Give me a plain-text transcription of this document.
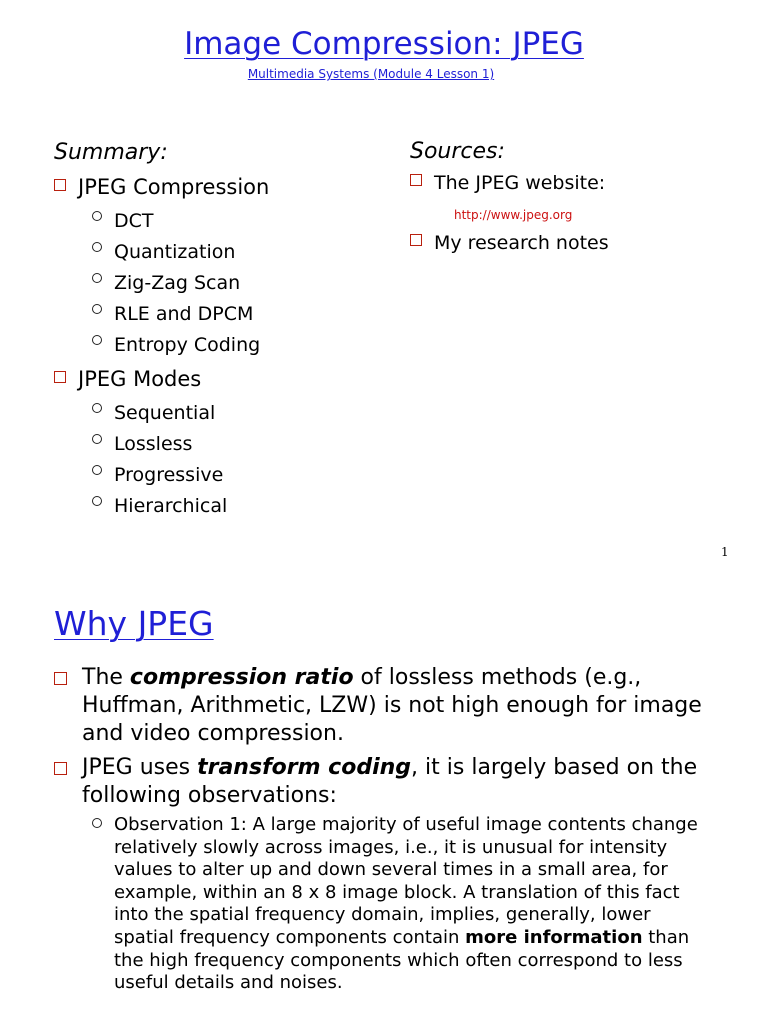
Image Compression: JPEG
Multimedia Systems (Module 4 Lesson 1)
Summary:
JPEG Compression
DCT
Quantization
Zig-Zag Scan
RLE and DPCM
Entropy Coding
JPEG Modes
Sequential
Lossless
Progressive
Hierarchical
Sources:
The JPEG website:
http://www.jpeg.org
My research notes
1
Why JPEG
The compression ratio of lossless methods (e.g., Huffman, Arithmetic, LZW) is not high enough for image and video compression.
JPEG uses transform coding, it is largely based on the following observations:
Observation 1: A large majority of useful image contents change relatively slowly across images, i.e., it is unusual for intensity values to alter up and down several times in a small area, for example, within an 8 x 8 image block. A translation of this fact into the spatial frequency domain, implies, generally, lower spatial frequency components contain more information than the high frequency components which often correspond to less useful details and noises.
